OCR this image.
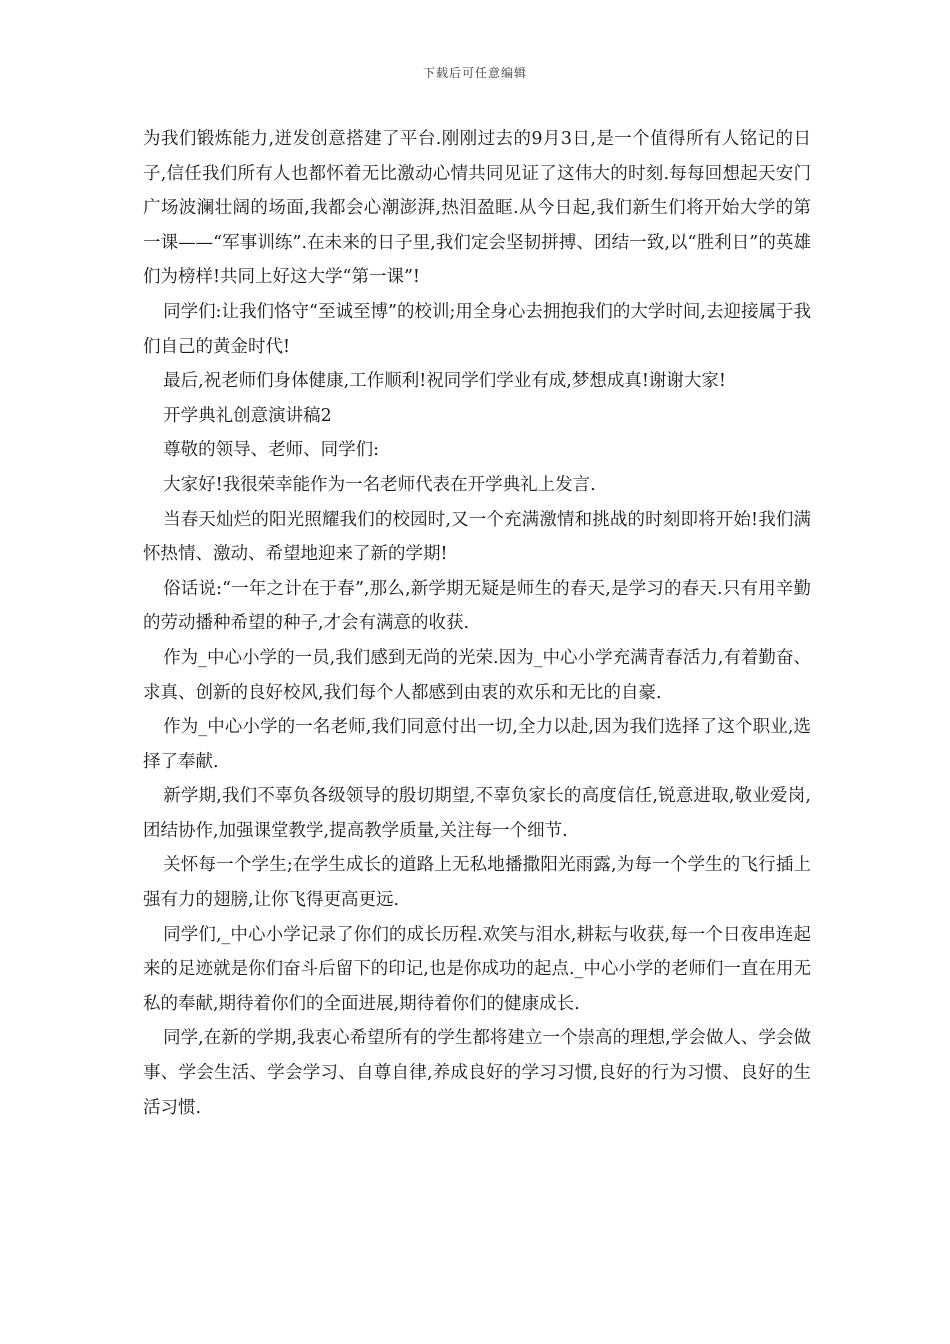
下载后可任意编辑

为我们锻炼能力,迸发创意搭建了平台.刚刚过去的9月3日,是一个值得所有人铭记的日子,信任我们所有人也都怀着无比激动心情共同见证了这伟大的时刻.每每回想起天安门广场波澜壮阔的场面,我都会心潮澎湃,热泪盈眶.从今日起,我们新生们将开始大学的第一课——“军事训练”.在未来的日子里,我们定会坚韧拼搏、团结一致,以“胜利日”的英雄们为榜样!共同上好这大学“第一课”!

同学们:让我们恪守“至诚至博”的校训;用全身心去拥抱我们的大学时间,去迎接属于我们自己的黄金时代!

最后,祝老师们身体健康,工作顺利!祝同学们学业有成,梦想成真!谢谢大家!

开学典礼创意演讲稿2

尊敬的领导、老师、同学们:

大家好!我很荣幸能作为一名老师代表在开学典礼上发言.

当春天灿烂的阳光照耀我们的校园时,又一个充满激情和挑战的时刻即将开始!我们满怀热情、激动、希望地迎来了新的学期!

俗话说:“一年之计在于春”,那么,新学期无疑是师生的春天,是学习的春天.只有用辛勤的劳动播种希望的种子,才会有满意的收获.

作为_中心小学的一员,我们感到无尚的光荣.因为_中心小学充满青春活力,有着勤奋、求真、创新的良好校风,我们每个人都感到由衷的欢乐和无比的自豪.

作为_中心小学的一名老师,我们同意付出一切,全力以赴,因为我们选择了这个职业,选择了奉献.

新学期,我们不辜负各级领导的殷切期望,不辜负家长的高度信任,锐意进取,敬业爱岗,团结协作,加强课堂教学,提高教学质量,关注每一个细节.

关怀每一个学生;在学生成长的道路上无私地播撒阳光雨露,为每一个学生的飞行插上强有力的翅膀,让你飞得更高更远.

同学们,_中心小学记录了你们的成长历程.欢笑与泪水,耕耘与收获,每一个日夜串连起来的足迹就是你们奋斗后留下的印记,也是你成功的起点._中心小学的老师们一直在用无私的奉献,期待着你们的全面进展,期待着你们的健康成长.

同学,在新的学期,我衷心希望所有的学生都将建立一个崇高的理想,学会做人、学会做事、学会生活、学会学习、自尊自律,养成良好的学习习惯,良好的行为习惯、良好的生活习惯.
